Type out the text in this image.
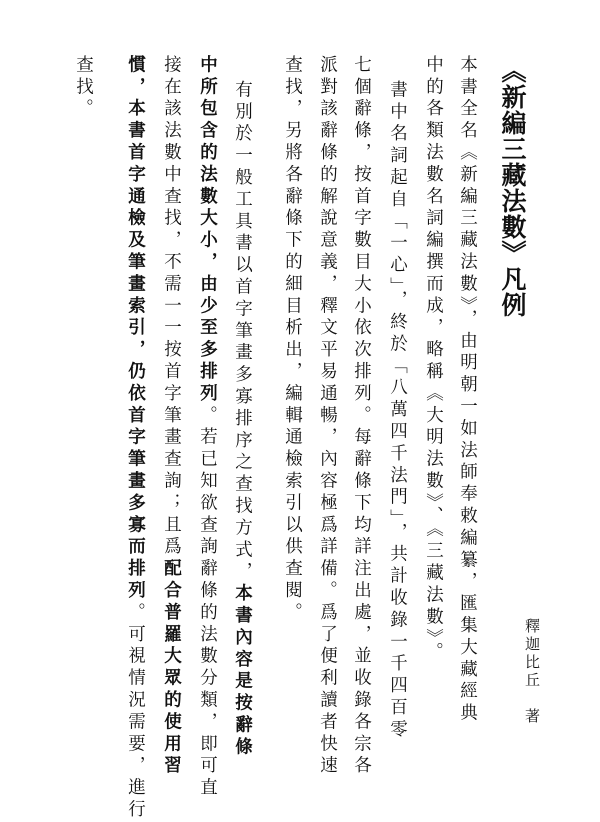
《新編三藏法數》凡例
釋迦比丘　著
本書全名《新編三藏法數》，由明朝一如法師奉敕編纂，匯集大藏經典
中的各類法數名詞編撰而成，略稱《大明法數》、《三藏法數》。
書中名詞起自「一心」，終於「八萬四千法門」，共計收錄一千四百零
七個辭條，按首字數目大小依次排列。每辭條下均詳注出處，並收錄各宗各
派對該辭條的解說意義，釋文平易通暢，內容極爲詳備。爲了便利讀者快速
查找，另將各辭條下的細目析出，編輯通檢索引以供查閱。
有別於一般工具書以首字筆畫多寡排序之查找方式，本書內容是按辭條
中所包含的法數大小，由少至多排列。若已知欲查詢辭條的法數分類，即可直
接在該法數中查找，不需一一按首字筆畫查詢；且爲配合普羅大眾的使用習
慣，本書首字通檢及筆畫索引，仍依首字筆畫多寡而排列。可視情況需要，進行
查找。
